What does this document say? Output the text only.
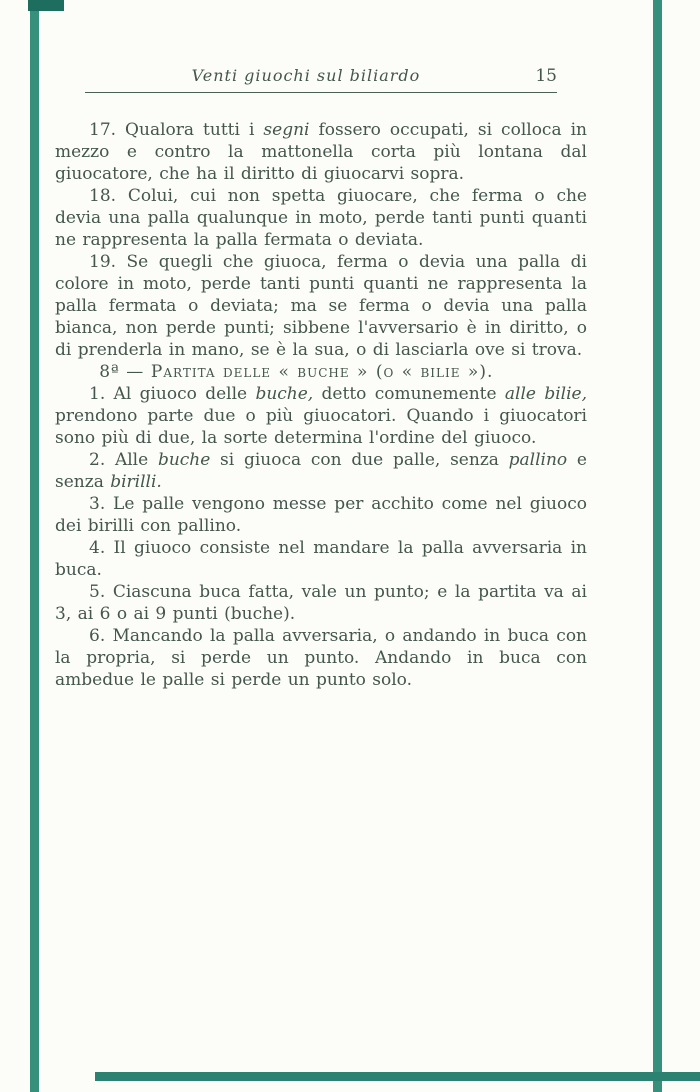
Venti giuochi sul biliardo	15

17. Qualora tutti i segni fossero occupati, si colloca in mezzo e contro la mattonella corta più lontana dal giuocatore, che ha il diritto di giuocarvi sopra.

18. Colui, cui non spetta giuocare, che ferma o che devia una palla qualunque in moto, perde tanti punti quanti ne rappresenta la palla fermata o deviata.

19. Se quegli che giuoca, ferma o devia una palla di colore in moto, perde tanti punti quanti ne rappresenta la palla fermata o deviata; ma se ferma o devia una palla bianca, non perde punti; sibbene l'avversario è in diritto, o di prenderla in mano, se è la sua, o di lasciarla ove si trova.

8ª — Partita delle « buche » (o « bilie »).

1. Al giuoco delle buche, detto comunemente alle bilie, prendono parte due o più giuocatori. Quando i giuocatori sono più di due, la sorte determina l'ordine del giuoco.

2. Alle buche si giuoca con due palle, senza pallino e senza birilli.

3. Le palle vengono messe per acchito come nel giuoco dei birilli con pallino.

4. Il giuoco consiste nel mandare la palla avversaria in buca.

5. Ciascuna buca fatta, vale un punto; e la partita va ai 3, ai 6 o ai 9 punti (buche).

6. Mancando la palla avversaria, o andando in buca con la propria, si perde un punto. Andando in buca con ambedue le palle si perde un punto solo.
